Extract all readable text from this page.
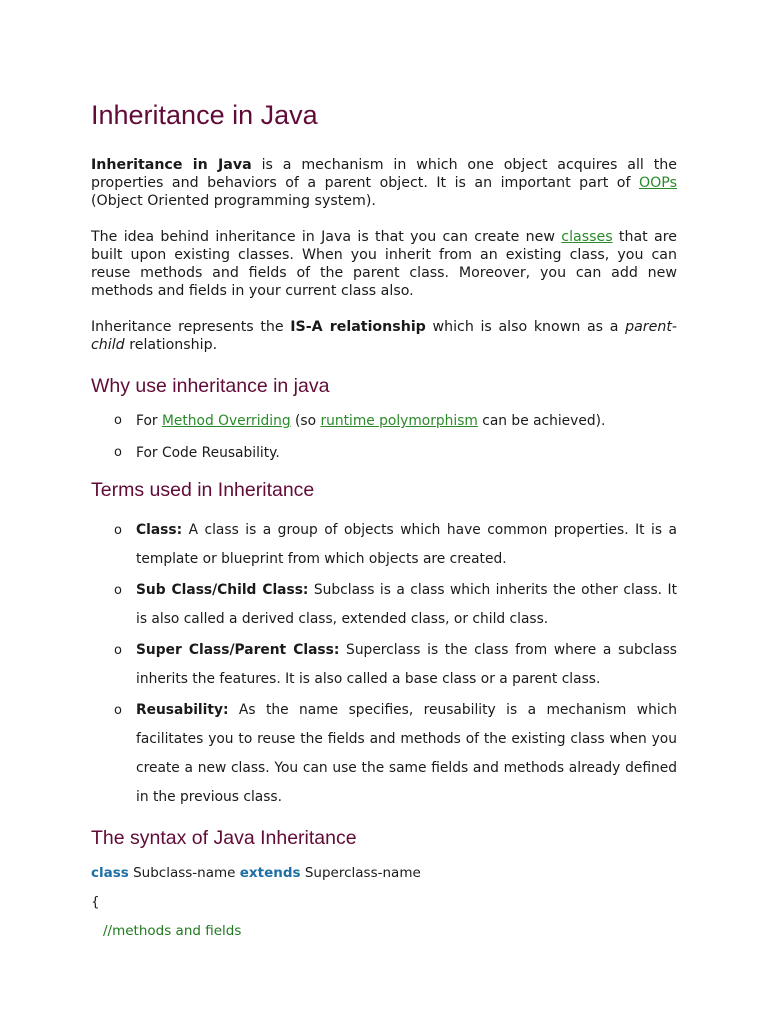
Inheritance in Java

Inheritance in Java is a mechanism in which one object acquires all the properties and behaviors of a parent object. It is an important part of OOPs (Object Oriented programming system).

The idea behind inheritance in Java is that you can create new classes that are built upon existing classes. When you inherit from an existing class, you can reuse methods and fields of the parent class. Moreover, you can add new methods and fields in your current class also.

Inheritance represents the IS-A relationship which is also known as a parent-child relationship.

Why use inheritance in java
o For Method Overriding (so runtime polymorphism can be achieved).
o For Code Reusability.
Terms used in Inheritance
o Class: A class is a group of objects which have common properties. It is a template or blueprint from which objects are created.
o Sub Class/Child Class: Subclass is a class which inherits the other class. It is also called a derived class, extended class, or child class.
o Super Class/Parent Class: Superclass is the class from where a subclass inherits the features. It is also called a base class or a parent class.
o Reusability: As the name specifies, reusability is a mechanism which facilitates you to reuse the fields and methods of the existing class when you create a new class. You can use the same fields and methods already defined in the previous class.
The syntax of Java Inheritance
class Subclass-name extends Superclass-name
{
//methods and fields
